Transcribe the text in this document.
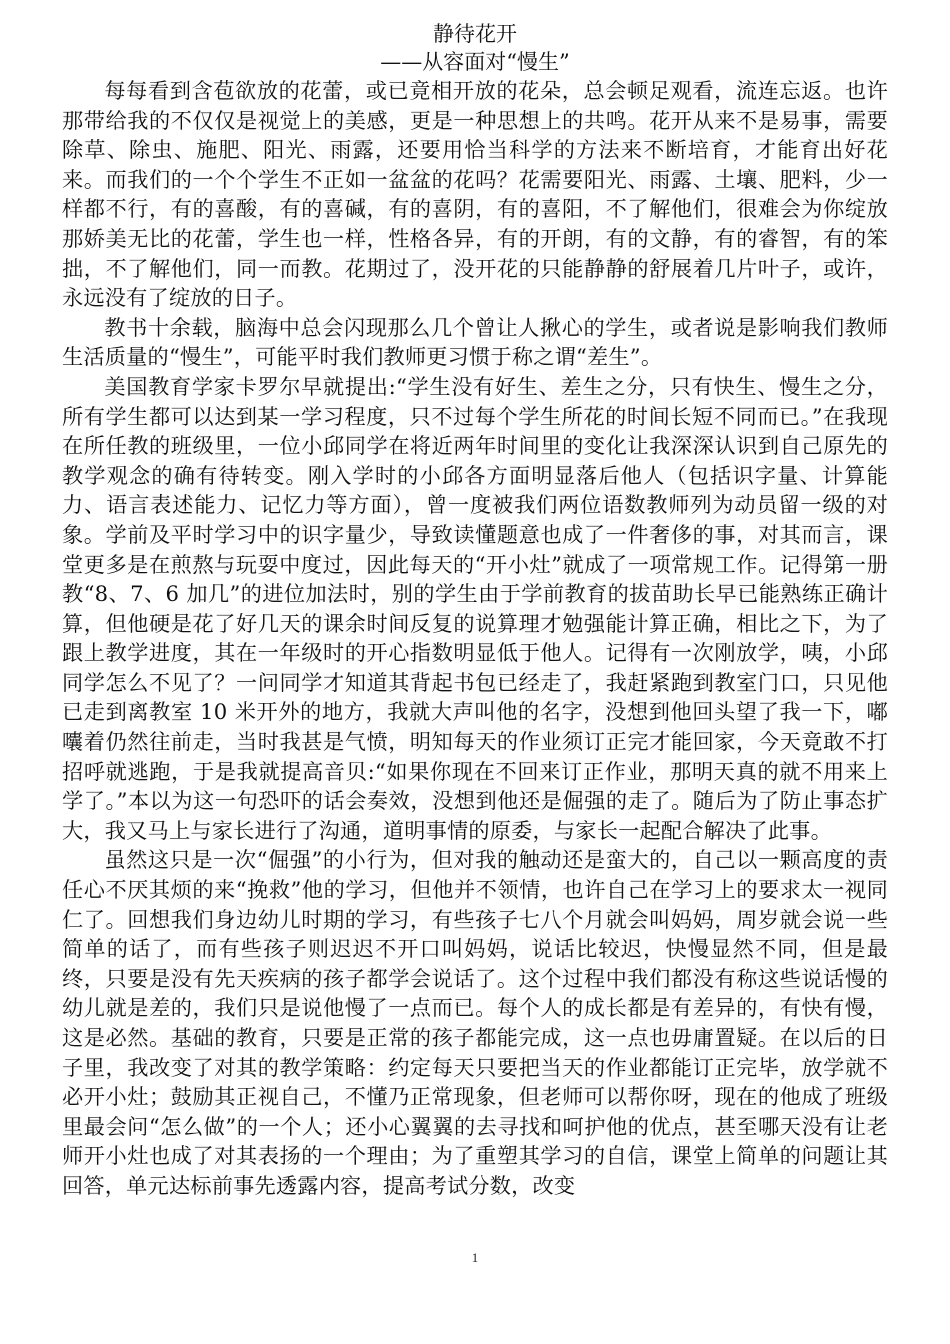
静待花开

——从容面对“慢生”

每每看到含苞欲放的花蕾，或已竟相开放的花朵，总会顿足观看，流连忘返。也许那带给我的不仅仅是视觉上的美感，更是一种思想上的共鸣。花开从来不是易事，需要除草、除虫、施肥、阳光、雨露，还要用恰当科学的方法来不断培育，才能育出好花来。而我们的一个个学生不正如一盆盆的花吗？花需要阳光、雨露、土壤、肥料，少一样都不行，有的喜酸，有的喜碱，有的喜阴，有的喜阳，不了解他们，很难会为你绽放那娇美无比的花蕾，学生也一样，性格各异，有的开朗，有的文静，有的睿智，有的笨拙，不了解他们，同一而教。花期过了，没开花的只能静静的舒展着几片叶子，或许，永远没有了绽放的日子。

教书十余载，脑海中总会闪现那么几个曾让人揪心的学生，或者说是影响我们教师生活质量的“慢生”，可能平时我们教师更习惯于称之谓“差生”。

美国教育学家卡罗尔早就提出:“学生没有好生、差生之分，只有快生、慢生之分，所有学生都可以达到某一学习程度，只不过每个学生所花的时间长短不同而已。”在我现在所任教的班级里，一位小邱同学在将近两年时间里的变化让我深深认识到自己原先的教学观念的确有待转变。刚入学时的小邱各方面明显落后他人（包括识字量、计算能力、语言表述能力、记忆力等方面），曾一度被我们两位语数教师列为动员留一级的对象。学前及平时学习中的识字量少，导致读懂题意也成了一件奢侈的事，对其而言，课堂更多是在煎熬与玩耍中度过，因此每天的“开小灶”就成了一项常规工作。记得第一册教“8、7、6 加几”的进位加法时，别的学生由于学前教育的拔苗助长早已能熟练正确计算，但他硬是花了好几天的课余时间反复的说算理才勉强能计算正确，相比之下，为了跟上教学进度，其在一年级时的开心指数明显低于他人。记得有一次刚放学，咦，小邱同学怎么不见了？一问同学才知道其背起书包已经走了，我赶紧跑到教室门口，只见他已走到离教室 10 米开外的地方，我就大声叫他的名字，没想到他回头望了我一下，嘟囔着仍然往前走，当时我甚是气愤，明知每天的作业须订正完才能回家，今天竟敢不打招呼就逃跑，于是我就提高音贝:“如果你现在不回来订正作业，那明天真的就不用来上学了。”本以为这一句恐吓的话会奏效，没想到他还是倔强的走了。随后为了防止事态扩大，我又马上与家长进行了沟通，道明事情的原委，与家长一起配合解决了此事。

虽然这只是一次“倔强”的小行为，但对我的触动还是蛮大的，自己以一颗高度的责任心不厌其烦的来“挽救”他的学习，但他并不领情，也许自己在学习上的要求太一视同仁了。回想我们身边幼儿时期的学习，有些孩子七八个月就会叫妈妈，周岁就会说一些简单的话了，而有些孩子则迟迟不开口叫妈妈，说话比较迟，快慢显然不同，但是最终，只要是没有先天疾病的孩子都学会说话了。这个过程中我们都没有称这些说话慢的幼儿就是差的，我们只是说他慢了一点而已。每个人的成长都是有差异的，有快有慢，这是必然。基础的教育，只要是正常的孩子都能完成，这一点也毋庸置疑。在以后的日子里，我改变了对其的教学策略：约定每天只要把当天的作业都能订正完毕，放学就不必开小灶；鼓励其正视自己，不懂乃正常现象，但老师可以帮你呀，现在的他成了班级里最会问“怎么做”的一个人；还小心翼翼的去寻找和呵护他的优点，甚至哪天没有让老师开小灶也成了对其表扬的一个理由；为了重塑其学习的自信，课堂上简单的问题让其回答，单元达标前事先透露内容，提高考试分数，改变

1
